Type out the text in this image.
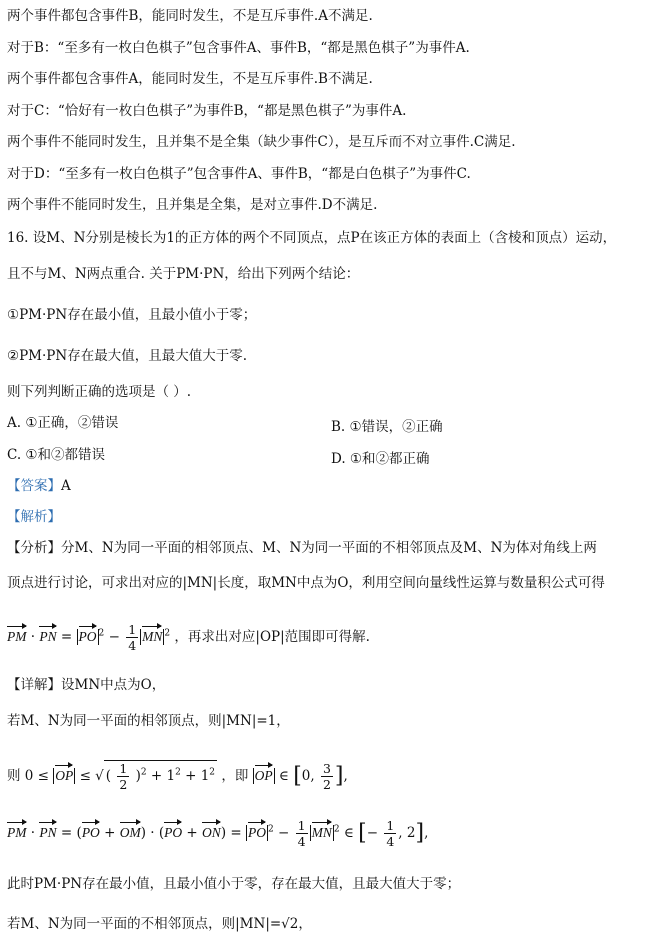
两个事件都包含事件B，能同时发生，不是互斥事件.A不满足.
对于B：“至多有一枚白色棋子”包含事件A、事件B，“都是黑色棋子”为事件A.
两个事件都包含事件A，能同时发生，不是互斥事件.B不满足.
对于C：“恰好有一枚白色棋子”为事件B，“都是黑色棋子”为事件A.
两个事件不能同时发生，且并集不是全集（缺少事件C），是互斥而不对立事件.C满足.
对于D：“至多有一枚白色棋子”包含事件A、事件B，“都是白色棋子”为事件C.
两个事件不能同时发生，且并集是全集，是对立事件.D不满足.
16. 设M、N分别是棱长为1的正方体的两个不同顶点，点P在该正方体的表面上（含棱和顶点）运动，
且不与M、N两点重合. 关于PM·PN，给出下列两个结论：
①PM·PN存在最小值，且最小值小于零；
②PM·PN存在最大值，且最大值大于零.
则下列判断正确的选项是（ ）.
A. ①正确，②错误	B. ①错误，②正确
C. ①和②都错误	D. ①和②都正确
【答案】A
【解析】
【分析】分M、N为同一平面的相邻顶点、M、N为同一平面的不相邻顶点及M、N为体对角线上两
顶点进行讨论，可求出对应的|MN|长度，取MN中点为O，利用空间向量线性运算与数量积公式可得
PM · PN = PO $^2 - \frac{1}{4}$ MN $^2$ ，再求出对应|OP|范围即可得解.
【详解】设MN中点为O，
若M、N为同一平面的相邻顶点，则|MN|=1，
则 0 ≤ OP ≤ √ ( $\frac{1}{2} )^2 + 1^2 + 1^2$ ，即 OP ∈ [0, $\frac{3}{2}$ ],
PM · PN = (PO + OM) · (PO + ON) = PO $^2 - \frac{1}{4}$ MN $^2$ ∈ [− $\frac{1}{4}$ , 2],
此时PM·PN存在最小值，且最小值小于零，存在最大值，且最大值大于零；
若M、N为同一平面的不相邻顶点，则|MN|=√2，
